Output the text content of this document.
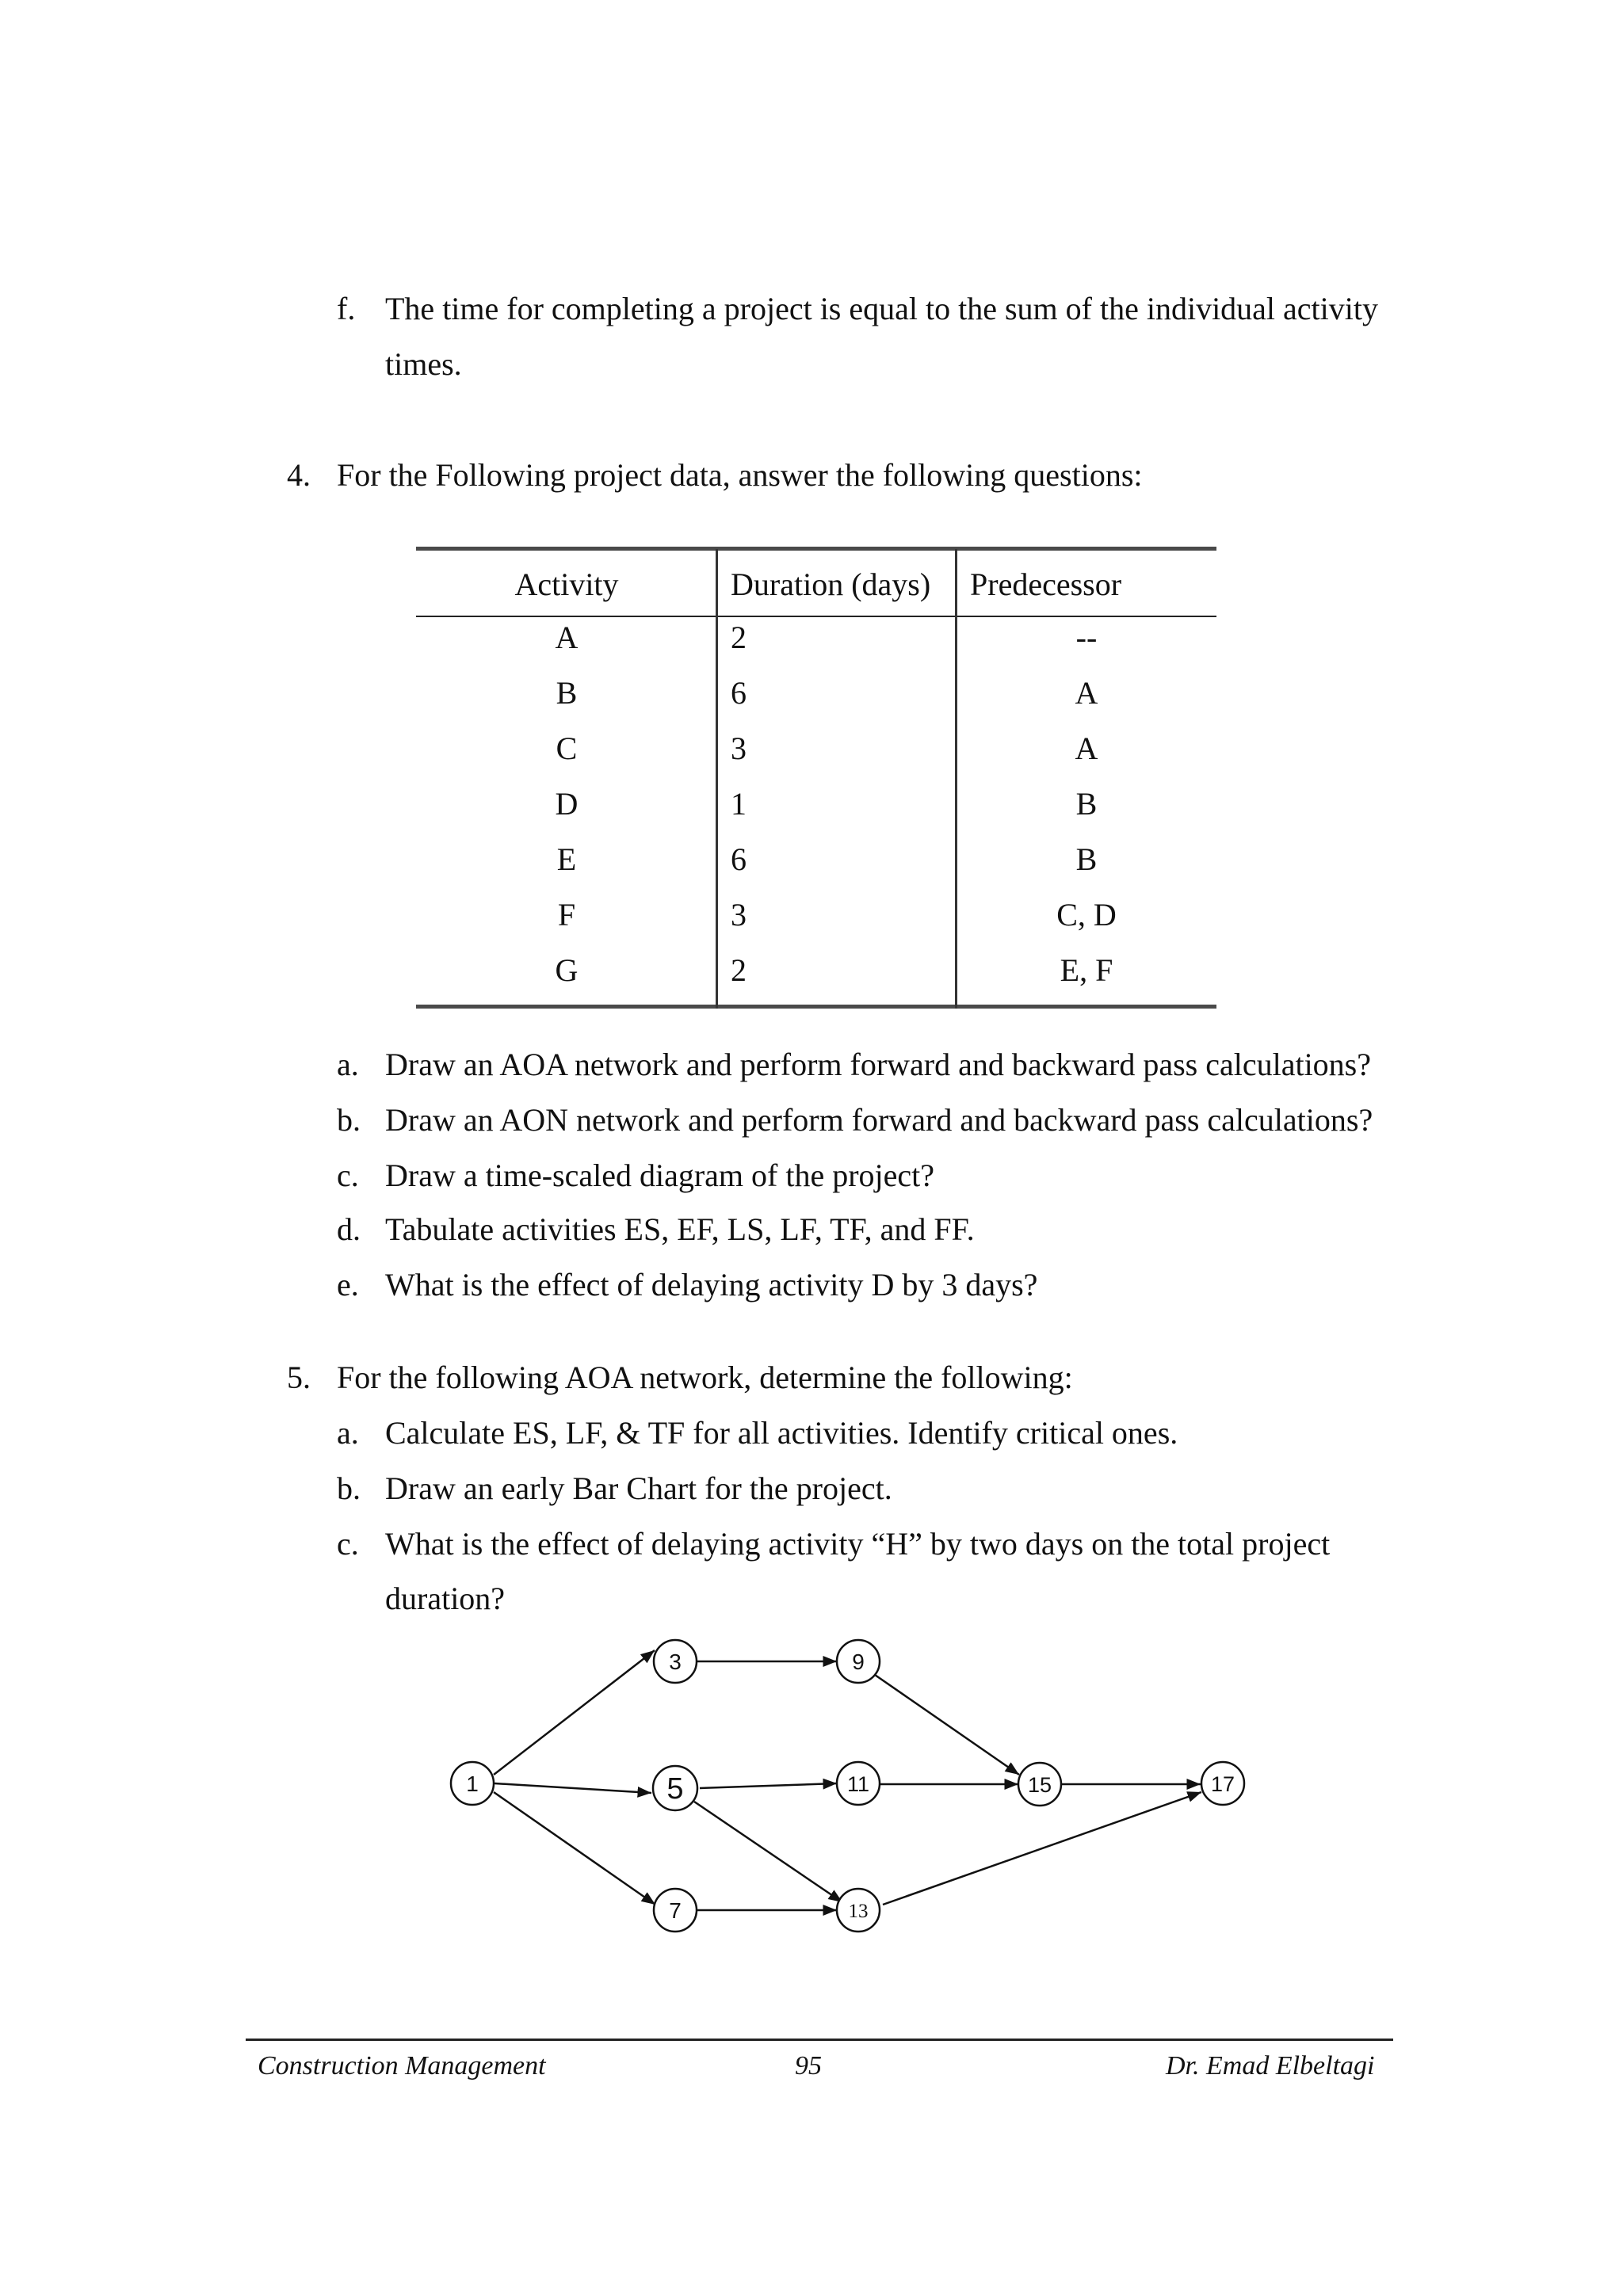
f. The time for completing a project is equal to the sum of the individual activity
times.
4. For the Following project data, answer the following questions:
Activity	Duration (days) Predecessor
A	2	--
B	6	A
C	3	A
D	1	B
E	6	B
F	3	C, D
G	2	E, F
a. Draw an AOA network and perform forward and backward pass calculations?
b. Draw an AON network and perform forward and backward pass calculations?
c. Draw a time-scaled diagram of the project?
d. Tabulate activities ES, EF, LS, LF, TF, and FF.
e. What is the effect of delaying activity D by 3 days?
5. For the following AOA network, determine the following:
a. Calculate ES, LF, & TF for all activities. Identify critical ones.
b. Draw an early Bar Chart for the project.
c. What is the effect of delaying activity “H” by two days on the total project
duration?
1
3
5
7
9
11
13
15	17
Construction Management	95	Dr. Emad Elbeltagi
